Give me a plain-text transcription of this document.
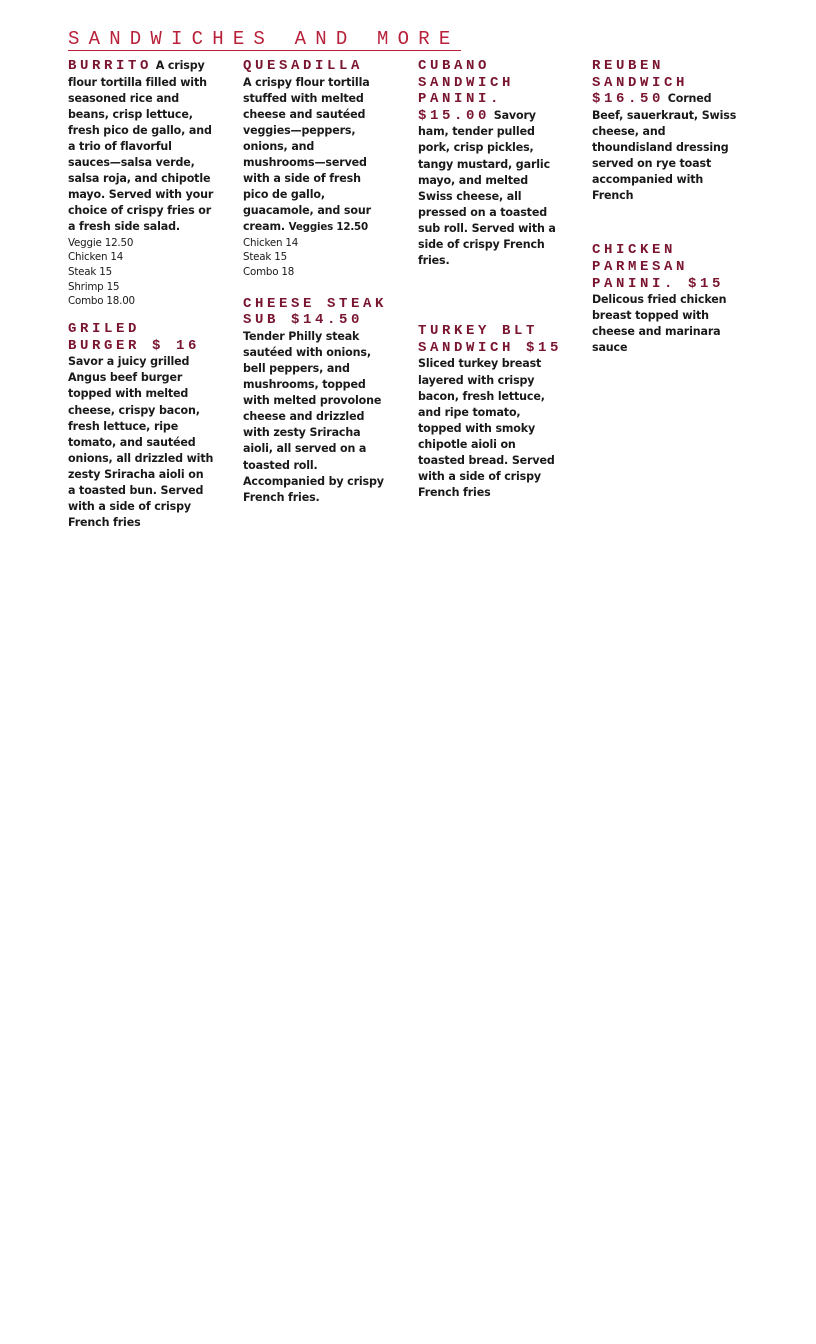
SANDWICHES AND MORE
BURRITO A crispy flour tortilla filled with seasoned rice and beans, crisp lettuce, fresh pico de gallo, and a trio of flavorful sauces—salsa verde, salsa roja, and chipotle mayo. Served with your choice of crispy fries or a fresh side salad.
Veggie 12.50
Chicken 14
Steak 15
Shrimp 15
Combo 18.00
GRILED BURGER $ 16 Savor a juicy grilled Angus beef burger topped with melted cheese, crispy bacon, fresh lettuce, ripe tomato, and sautéed onions, all drizzled with zesty Sriracha aioli on a toasted bun. Served with a side of crispy French fries
QUESADILLA
A crispy flour tortilla stuffed with melted cheese and sautéed veggies—peppers, onions, and mushrooms—served with a side of fresh pico de gallo, guacamole, and sour cream. Veggies 12.50
Chicken 14
Steak 15
Combo 18
CHEESE STEAK SUB $14.50 Tender Philly steak sautéed with onions, bell peppers, and mushrooms, topped with melted provolone cheese and drizzled with zesty Sriracha aioli, all served on a toasted roll. Accompanied by crispy French fries.
CUBANO SANDWICH PANINI. $15.00 Savory ham, tender pulled pork, crisp pickles, tangy mustard, garlic mayo, and melted Swiss cheese, all pressed on a toasted sub roll. Served with a side of crispy French fries.
TURKEY BLT SANDWICH $15 Sliced turkey breast layered with crispy bacon, fresh lettuce, and ripe tomato, topped with smoky chipotle aioli on toasted bread. Served with a side of crispy French fries
REUBEN SANDWICH $16.50 Corned Beef, sauerkraut, Swiss cheese, and thoundisland dressing served on rye toast accompanied with French
CHICKEN PARMESAN PANINI. $15 Delicous fried chicken breast topped with cheese and marinara sauce
